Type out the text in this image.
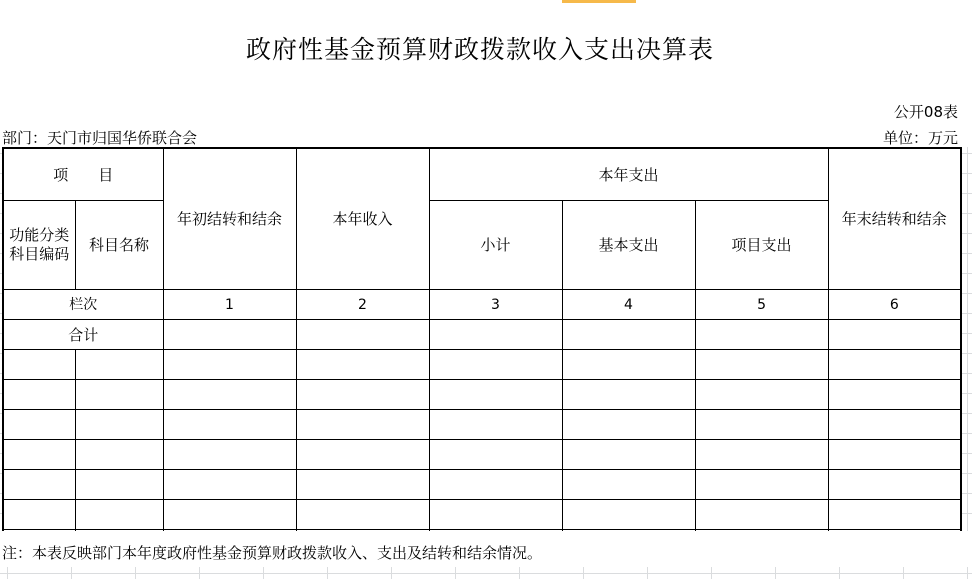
政府性基金预算财政拨款收入支出决算表
公开08表
部门：天门市归国华侨联合会	单位：万元
项　　目		年初结转和结余	本年收入	本年支出			年末结转和结余
功能分类科目编码	科目名称			小计	基本支出	项目支出	
栏次		1	2	3	4	5	6
合计							

注：本表反映部门本年度政府性基金预算财政拨款收入、支出及结转和结余情况。
